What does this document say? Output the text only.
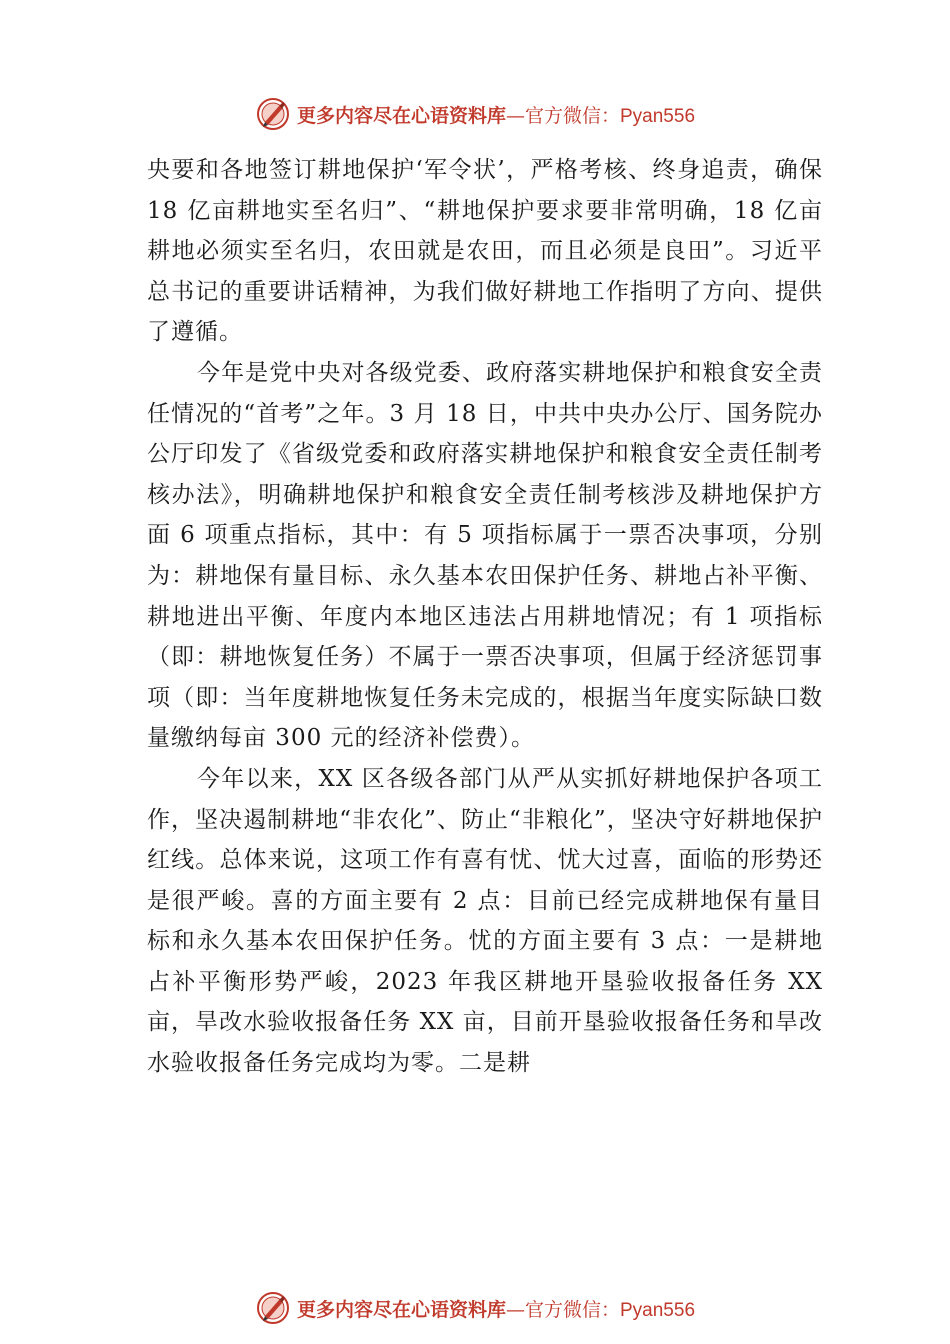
更多内容尽在心语资料库—官方微信：Pyan556

央要和各地签订耕地保护‘军令状’，严格考核、终身追责，确保 18 亿亩耕地实至名归”、“耕地保护要求要非常明确，18 亿亩耕地必须实至名归，农田就是农田，而且必须是良田”。习近平总书记的重要讲话精神，为我们做好耕地工作指明了方向、提供了遵循。

今年是党中央对各级党委、政府落实耕地保护和粮食安全责任情况的“首考”之年。3 月 18 日，中共中央办公厅、国务院办公厅印发了《省级党委和政府落实耕地保护和粮食安全责任制考核办法》，明确耕地保护和粮食安全责任制考核涉及耕地保护方面 6 项重点指标，其中：有 5 项指标属于一票否决事项，分别为：耕地保有量目标、永久基本农田保护任务、耕地占补平衡、耕地进出平衡、年度内本地区违法占用耕地情况；有 1 项指标（即：耕地恢复任务）不属于一票否决事项，但属于经济惩罚事项（即：当年度耕地恢复任务未完成的，根据当年度实际缺口数量缴纳每亩 300 元的经济补偿费）。

今年以来，XX 区各级各部门从严从实抓好耕地保护各项工作，坚决遏制耕地“非农化”、防止“非粮化”，坚决守好耕地保护红线。总体来说，这项工作有喜有忧、忧大过喜，面临的形势还是很严峻。喜的方面主要有 2 点：目前已经完成耕地保有量目标和永久基本农田保护任务。忧的方面主要有 3 点：一是耕地占补平衡形势严峻，2023 年我区耕地开垦验收报备任务 XX 亩，旱改水验收报备任务 XX 亩，目前开垦验收报备任务和旱改水验收报备任务完成均为零。二是耕

更多内容尽在心语资料库—官方微信：Pyan556
